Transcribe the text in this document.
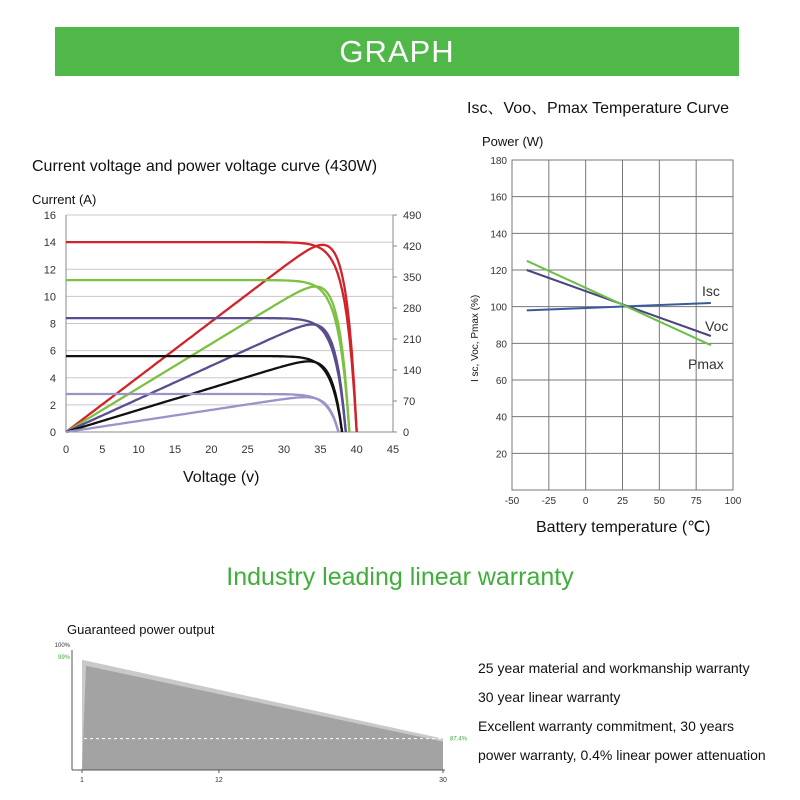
GRAPH
Current voltage and power voltage curve (430W)
Current (A)
Voltage (v)
Isc、Voo、Pmax Temperature Curve
Power (W)
I sc, Voc, Pmax (%)
Battery temperature (℃)
Industry leading linear warranty
Guaranteed power output
25 year material and workmanship warranty
30 year linear warranty
Excellent warranty commitment, 30 years
power warranty, 0.4% linear power attenuation
0
2
4
6
8
10
12
14
16
0
70
140
210
280
350
420
490
0	5 10 15 20 25 30 35 40 45
-50 -25	0	25	50	75 100
20
40
60
80
100
120
140
160
180
Isc
Voc
Pmax
100%
99%
87.4%
1	12	30
